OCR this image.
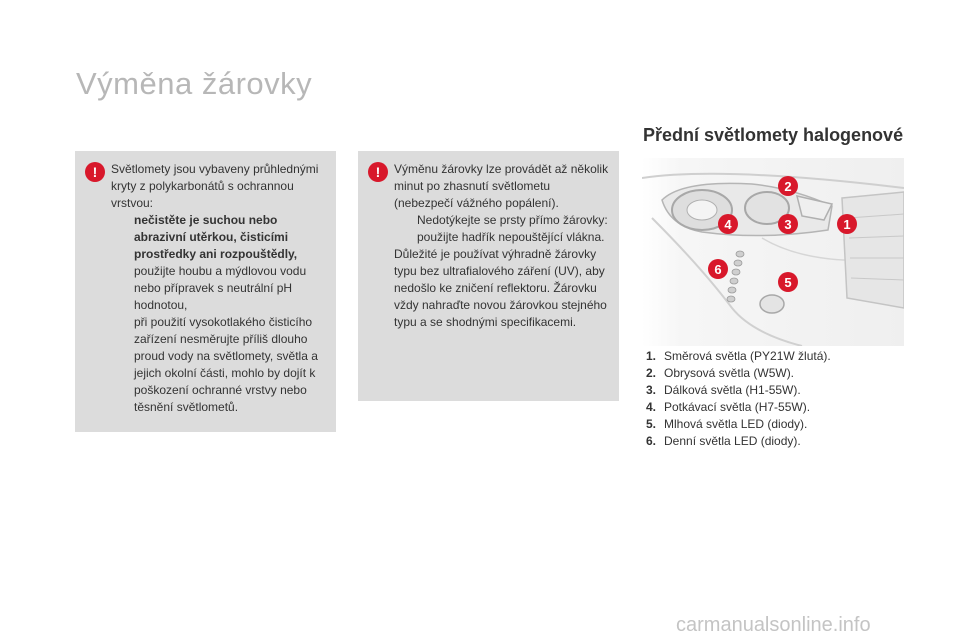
Výměna žárovky
!	Světlomety jsou vybaveny průhlednými kryty z polykarbonátů s ochrannou vrstvou:

nečistěte je suchou nebo abrazivní utěrkou, čisticími prostředky ani rozpouštědly,

použijte houbu a mýdlovou vodu nebo přípravek s neutrální pH hodnotou,

při použití vysokotlakého čisticího zařízení nesměrujte příliš dlouho proud vody na světlomety, světla a jejich okolní části, mohlo by dojít k poškození ochranné vrstvy nebo těsnění světlometů.

!	Výměnu žárovky lze provádět až několik minut po zhasnutí světlometu (nebezpečí vážného popálení).

Nedotýkejte se prsty přímo žárovky: použijte hadřík nepouštějící vlákna.

Důležité je používat výhradně žárovky typu bez ultrafialového záření (UV), aby nedošlo ke zničení reflektoru. Žárovku vždy nahraďte novou žárovkou stejného typu a se shodnými specifikacemi.

Přední světlomety halogenové
1
2
3
4
5
6
1. Směrová světla (PY21W žlutá).
2. Obrysová světla (W5W).
3. Dálková světla (H1-55W).
4. Potkávací světla (H7-55W).
5. Mlhová světla LED (diody).
6. Denní světla LED (diody).
carmanualsonline.info
